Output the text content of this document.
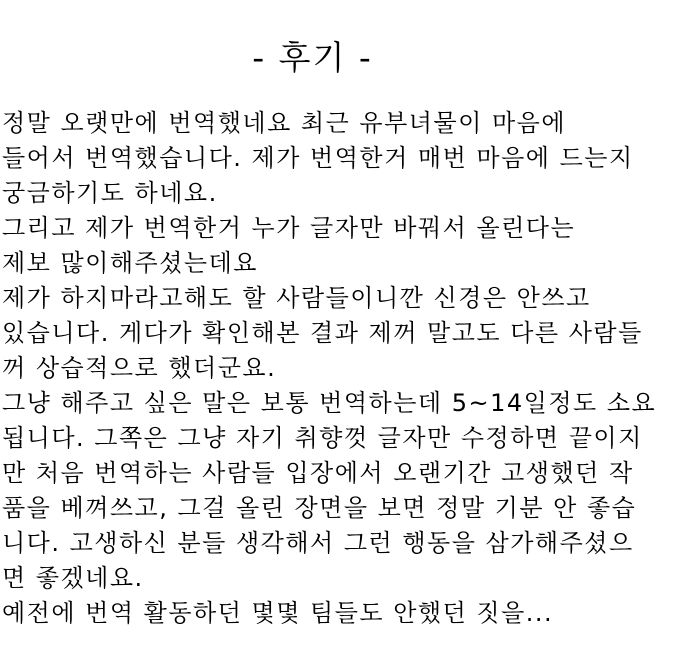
- 후기 -
정말 오랫만에 번역했네요 최근 유부녀물이 마음에
들어서 번역했습니다. 제가 번역한거 매번 마음에 드는지
궁금하기도 하네요.
그리고 제가 번역한거 누가 글자만 바꿔서 올린다는
제보 많이해주셨는데요
제가 하지마라고해도 할 사람들이니깐 신경은 안쓰고
있습니다. 게다가 확인해본 결과 제꺼 말고도 다른 사람들
꺼 상습적으로 했더군요.
그냥 해주고 싶은 말은 보통 번역하는데 5~14일정도 소요
됩니다. 그쪽은 그냥 자기 취향껏 글자만 수정하면 끝이지
만 처음 번역하는 사람들 입장에서 오랜기간 고생했던 작
품을 베껴쓰고, 그걸 올린 장면을 보면 정말 기분 안 좋습
니다. 고생하신 분들 생각해서 그런 행동을 삼가해주셨으
면 좋겠네요.
예전에 번역 활동하던 몇몇 팀들도 안했던 짓을...
